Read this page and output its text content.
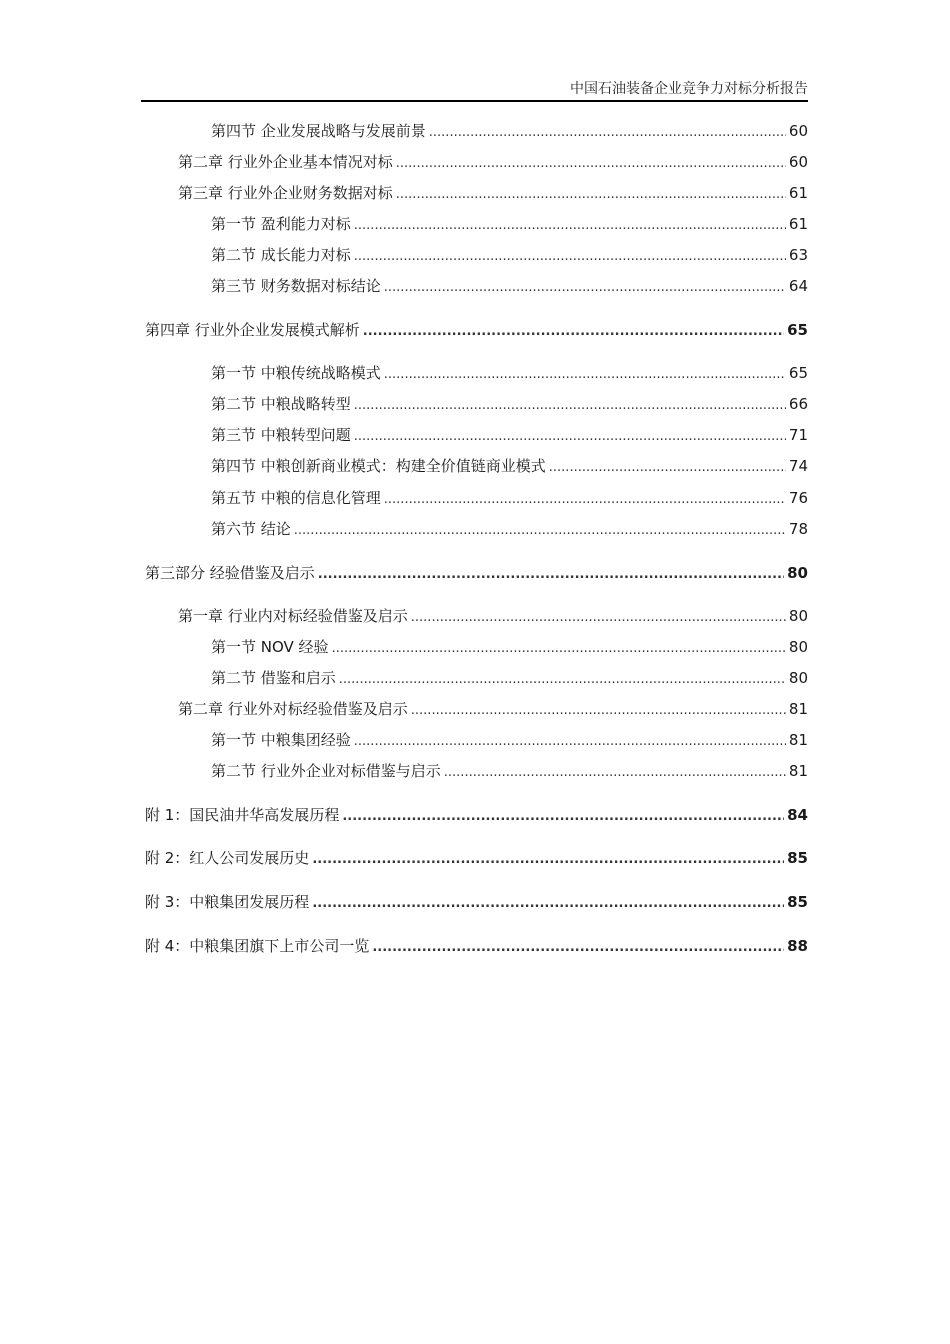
中国石油装备企业竞争力对标分析报告
第四节 企业发展战略与发展前景 .....	60
第二章 行业外企业基本情况对标 .....	60
第三章 行业外企业财务数据对标 .....	61
第一节 盈利能力对标 .....	61
第二节 成长能力对标 .....	63
第三节 财务数据对标结论 .....	64
第四章 行业外企业发展模式解析 .....	65
第一节 中粮传统战略模式 .....	65
第二节 中粮战略转型 .....	66
第三节 中粮转型问题 .....	71
第四节 中粮创新商业模式：构建全价值链商业模式 .....	74
第五节 中粮的信息化管理 .....	76
第六节 结论 .....	78
第三部分 经验借鉴及启示 .....	80
第一章 行业内对标经验借鉴及启示 .....	80
第一节 NOV 经验 .....	80
第二节 借鉴和启示 .....	80
第二章 行业外对标经验借鉴及启示 .....	81
第一节 中粮集团经验 .....	81
第二节 行业外企业对标借鉴与启示 .....	81
附 1：国民油井华高发展历程 .....	84
附 2：红人公司发展历史 .....	85
附 3：中粮集团发展历程 .....	85
附 4：中粮集团旗下上市公司一览 .....	88
